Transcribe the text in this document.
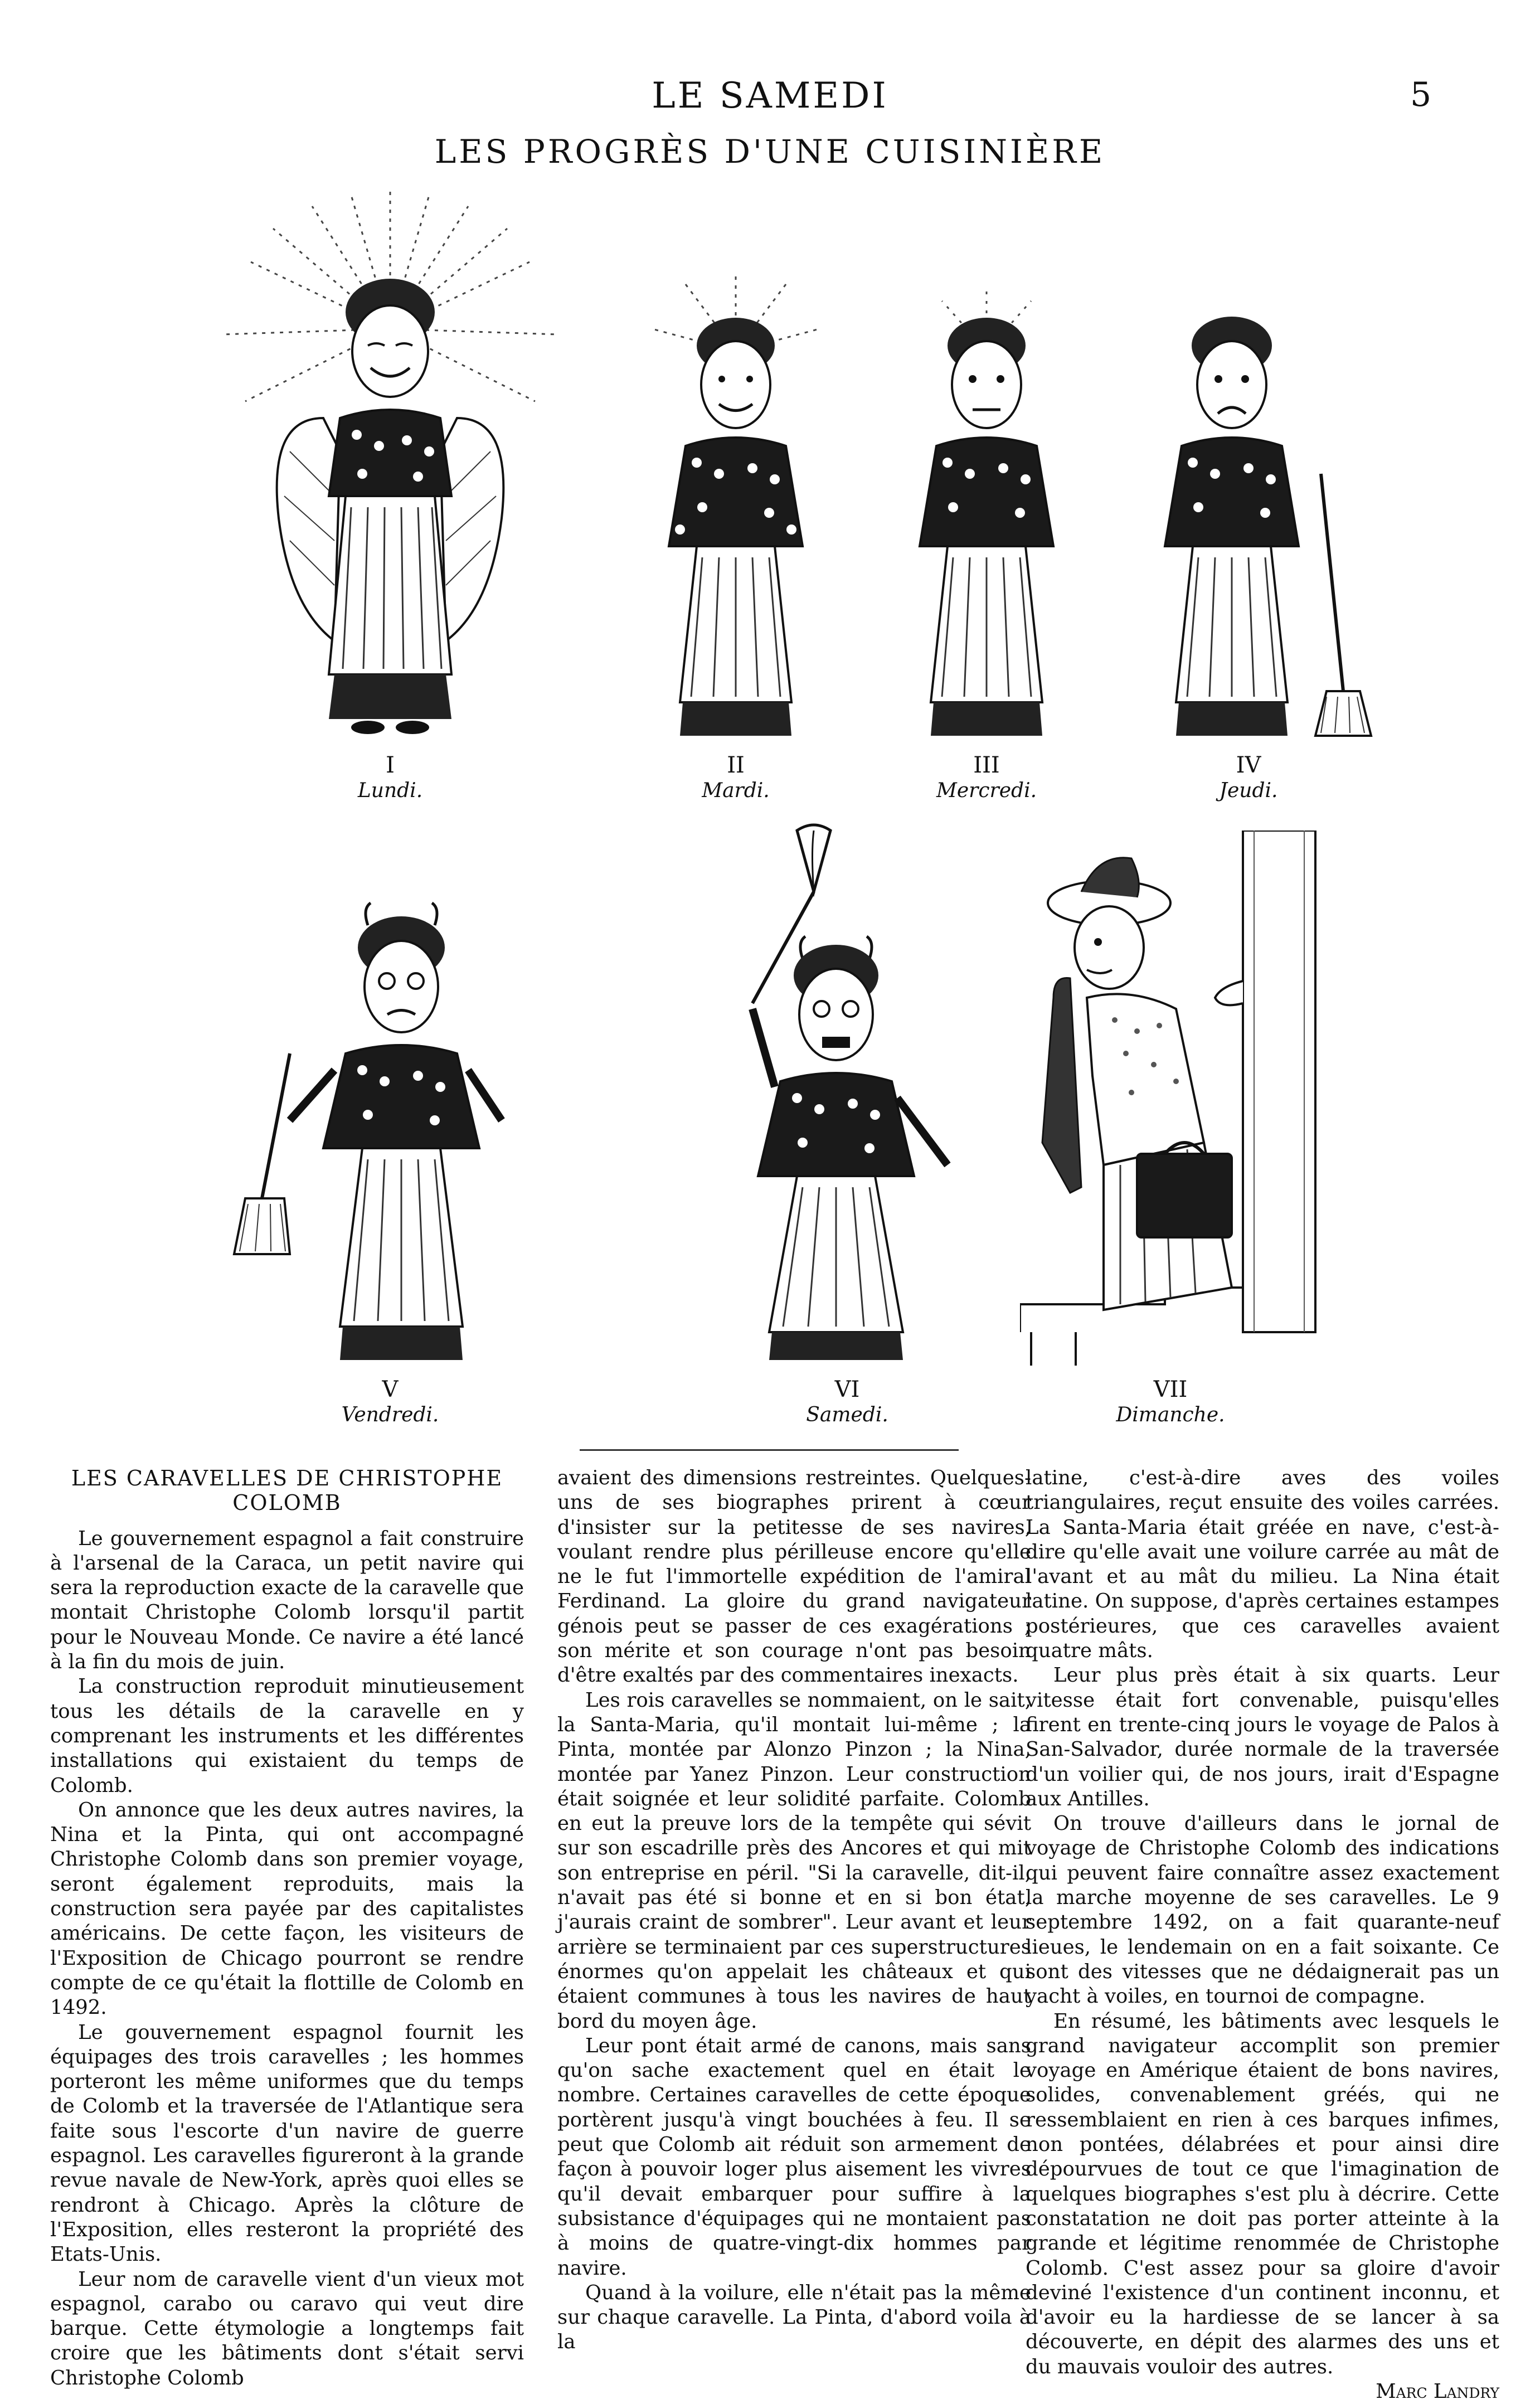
LE SAMEDI	5
LES PROGRÈS D'UNE CUISINIÈRE
I
Lundi.
II
Mardi.
III
Mercredi.
IV
Jeudi.
V
Vendredi.
VI
Samedi.
VII
Dimanche.
LES CARAVELLES DE CHRISTOPHE COLOMB

Le gouvernement espagnol a fait construire à l'arsenal de la Caraca, un petit navire qui sera la reproduction exacte de la caravelle que montait Christophe Colomb lorsqu'il partit pour le Nouveau Monde. Ce navire a été lancé à la fin du mois de juin.

La construction reproduit minutieusement tous les détails de la caravelle en y comprenant les instruments et les différentes installations qui existaient du temps de Colomb.

On annonce que les deux autres navires, la Nina et la Pinta, qui ont accompagné Christophe Colomb dans son premier voyage, seront également reproduits, mais la construction sera payée par des capitalistes américains. De cette façon, les visiteurs de l'Exposition de Chicago pourront se rendre compte de ce qu'était la flottille de Colomb en 1492.

Le gouvernement espagnol fournit les équipages des trois caravelles ; les hommes porteront les même uniformes que du temps de Colomb et la traversée de l'Atlantique sera faite sous l'escorte d'un navire de guerre espagnol. Les caravelles figureront à la grande revue navale de New-York, après quoi elles se rendront à Chicago. Après la clôture de l'Exposition, elles resteront la propriété des Etats-Unis.

Leur nom de caravelle vient d'un vieux mot espagnol, carabo ou caravo qui veut dire barque. Cette étymologie a longtemps fait croire que les bâtiments dont s'était servi Christophe Colomb

avaient des dimensions restreintes. Quelques-uns de ses biographes prirent à cœur d'insister sur la petitesse de ses navires, voulant rendre plus périlleuse encore qu'elle ne le fut l'immortelle expédition de l'amiral Ferdinand. La gloire du grand navigateur génois peut se passer de ces exagérations ; son mérite et son courage n'ont pas besoin d'être exaltés par des commentaires inexacts.

Les rois caravelles se nommaient, on le sait, la Santa-Maria, qu'il montait lui-même ; la Pinta, montée par Alonzo Pinzon ; la Nina, montée par Yanez Pinzon. Leur construction était soignée et leur solidité parfaite. Colomb en eut la preuve lors de la tempête qui sévit sur son escadrille près des Ancores et qui mit son entreprise en péril. "Si la caravelle, dit-il, n'avait pas été si bonne et en si bon état, j'aurais craint de sombrer". Leur avant et leur arrière se terminaient par ces superstructures énormes qu'on appelait les châteaux et qui étaient communes à tous les navires de haut bord du moyen âge.

Leur pont était armé de canons, mais sans qu'on sache exactement quel en était le nombre. Certaines caravelles de cette époque portèrent jusqu'à vingt bouchées à feu. Il se peut que Colomb ait réduit son armement de façon à pouvoir loger plus aisement les vivres qu'il devait embarquer pour suffire à la subsistance d'équipages qui ne montaient pas à moins de quatre-vingt-dix hommes par navire.

Quand à la voilure, elle n'était pas la même sur chaque caravelle. La Pinta, d'abord voila à la

latine, c'est-à-dire aves des voiles triangulaires, reçut ensuite des voiles carrées. La Santa-Maria était gréée en nave, c'est-à-dire qu'elle avait une voilure carrée au mât de l'avant et au mât du milieu. La Nina était latine. On suppose, d'après certaines estampes postérieures, que ces caravelles avaient quatre mâts.

Leur plus près était à six quarts. Leur vitesse était fort convenable, puisqu'elles firent en trente-cinq jours le voyage de Palos à San-Salvador, durée normale de la traversée d'un voilier qui, de nos jours, irait d'Espagne aux Antilles.

On trouve d'ailleurs dans le jornal de voyage de Christophe Colomb des indications qui peuvent faire connaître assez exactement la marche moyenne de ses caravelles. Le 9 septembre 1492, on a fait quarante-neuf lieues, le lendemain on en a fait soixante. Ce sont des vitesses que ne dédaignerait pas un yacht à voiles, en tournoi de compagne.

En résumé, les bâtiments avec lesquels le grand navigateur accomplit son premier voyage en Amérique étaient de bons navires, solides, convenablement gréés, qui ne ressemblaient en rien à ces barques infimes, non pontées, délabrées et pour ainsi dire dépourvues de tout ce que l'imagination de quelques biographes s'est plu à décrire. Cette constatation ne doit pas porter atteinte à la grande et légitime renommée de Christophe Colomb. C'est assez pour sa gloire d'avoir deviné l'existence d'un continent inconnu, et d'avoir eu la hardiesse de se lancer à sa découverte, en dépit des alarmes des uns et du mauvais vouloir des autres.

Marc Landry
